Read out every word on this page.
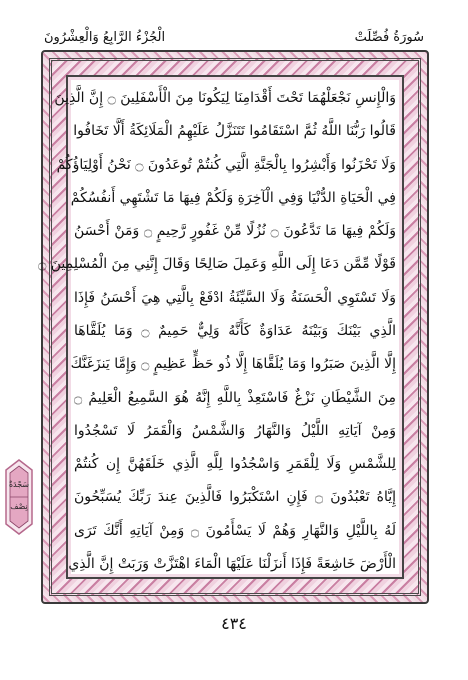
الْجُزْءُ الرَّابِعُ وَالْعِشْرُونَ	سُورَةُ فُصِّلَتْ
وَالْإِنسِ نَجْعَلْهُمَا تَحْتَ أَقْدَامِنَا لِيَكُونَا مِنَ الْأَسْفَلِينَ ۝ إِنَّ الَّذِينَ
قَالُوا رَبُّنَا اللَّهُ ثُمَّ اسْتَقَامُوا تَتَنَزَّلُ عَلَيْهِمُ الْمَلَائِكَةُ أَلَّا تَخَافُوا
وَلَا تَحْزَنُوا وَأَبْشِرُوا بِالْجَنَّةِ الَّتِي كُنتُمْ تُوعَدُونَ ۝ نَحْنُ أَوْلِيَاؤُكُمْ
فِي الْحَيَاةِ الدُّنْيَا وَفِي الْآخِرَةِ وَلَكُمْ فِيهَا مَا تَشْتَهِي أَنفُسُكُمْ
وَلَكُمْ فِيهَا مَا تَدَّعُونَ ۝ نُزُلًا مِّنْ غَفُورٍ رَّحِيمٍ ۝ وَمَنْ أَحْسَنُ
قَوْلًا مِّمَّن دَعَا إِلَى اللَّهِ وَعَمِلَ صَالِحًا وَقَالَ إِنَّنِي مِنَ الْمُسْلِمِينَ ۝
وَلَا تَسْتَوِي الْحَسَنَةُ وَلَا السَّيِّئَةُ ادْفَعْ بِالَّتِي هِيَ أَحْسَنُ فَإِذَا
الَّذِي بَيْنَكَ وَبَيْنَهُ عَدَاوَةٌ كَأَنَّهُ وَلِيٌّ حَمِيمٌ ۝ وَمَا يُلَقَّاهَا
إِلَّا الَّذِينَ صَبَرُوا وَمَا يُلَقَّاهَا إِلَّا ذُو حَظٍّ عَظِيمٍ ۝ وَإِمَّا يَنزَغَنَّكَ
مِنَ الشَّيْطَانِ نَزْغٌ فَاسْتَعِذْ بِاللَّهِ إِنَّهُ هُوَ السَّمِيعُ الْعَلِيمُ ۝
وَمِنْ آيَاتِهِ اللَّيْلُ وَالنَّهَارُ وَالشَّمْسُ وَالْقَمَرُ لَا تَسْجُدُوا
لِلشَّمْسِ وَلَا لِلْقَمَرِ وَاسْجُدُوا لِلَّهِ الَّذِي خَلَقَهُنَّ إِن كُنتُمْ
إِيَّاهُ تَعْبُدُونَ ۝ فَإِنِ اسْتَكْبَرُوا فَالَّذِينَ عِندَ رَبِّكَ يُسَبِّحُونَ
لَهُ بِاللَّيْلِ وَالنَّهَارِ وَهُمْ لَا يَسْأَمُونَ ۝ وَمِنْ آيَاتِهِ أَنَّكَ تَرَى
الْأَرْضَ خَاشِعَةً فَإِذَا أَنزَلْنَا عَلَيْهَا الْمَاءَ اهْتَزَّتْ وَرَبَتْ إِنَّ الَّذِي
سَجْدَةٌ
نِصْف
٤٣٤
